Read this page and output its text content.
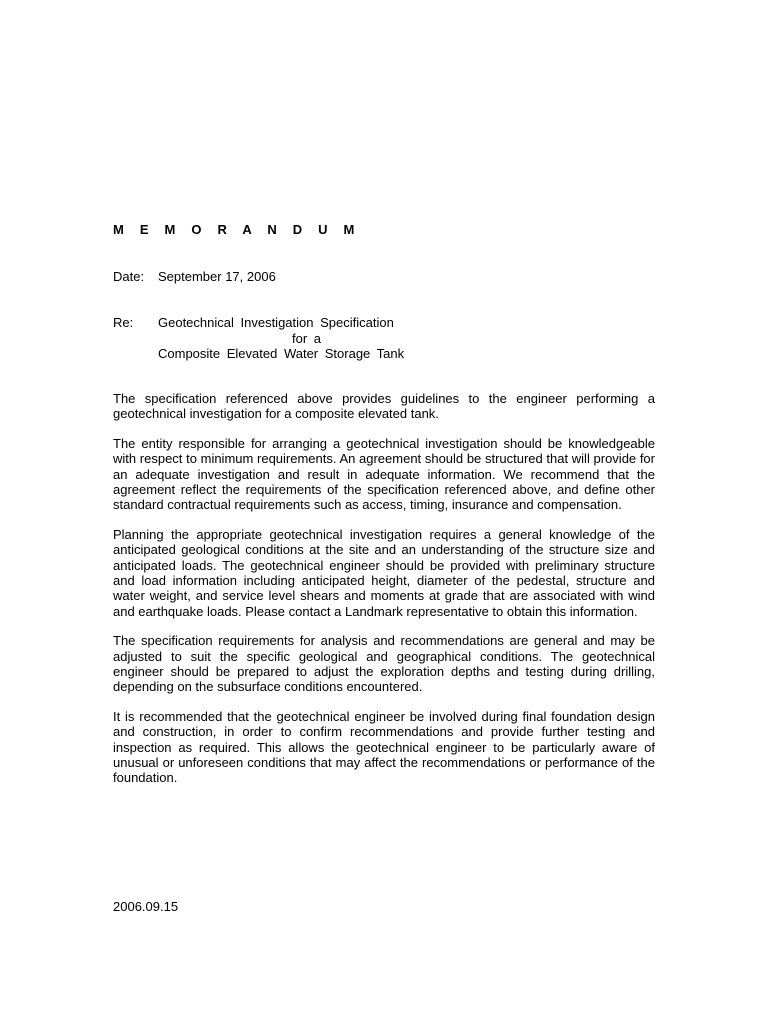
M E M O R A N D U M
Date: September 17, 2006
Re: Geotechnical Investigation Specification
for a
Composite Elevated Water Storage Tank

The specification referenced above provides guidelines to the engineer performing a geotechnical investigation for a composite elevated tank.

The entity responsible for arranging a geotechnical investigation should be knowledgeable with respect to minimum requirements. An agreement should be structured that will provide for an adequate investigation and result in adequate information. We recommend that the agreement reflect the requirements of the specification referenced above, and define other standard contractual requirements such as access, timing, insurance and compensation.

Planning the appropriate geotechnical investigation requires a general knowledge of the anticipated geological conditions at the site and an understanding of the structure size and anticipated loads. The geotechnical engineer should be provided with preliminary structure and load information including anticipated height, diameter of the pedestal, structure and water weight, and service level shears and moments at grade that are associated with wind and earthquake loads. Please contact a Landmark representative to obtain this information.

The specification requirements for analysis and recommendations are general and may be adjusted to suit the specific geological and geographical conditions. The geotechnical engineer should be prepared to adjust the exploration depths and testing during drilling, depending on the subsurface conditions encountered.

It is recommended that the geotechnical engineer be involved during final foundation design and construction, in order to confirm recommendations and provide further testing and inspection as required. This allows the geotechnical engineer to be particularly aware of unusual or unforeseen conditions that may affect the recommendations or performance of the foundation.

2006.09.15
